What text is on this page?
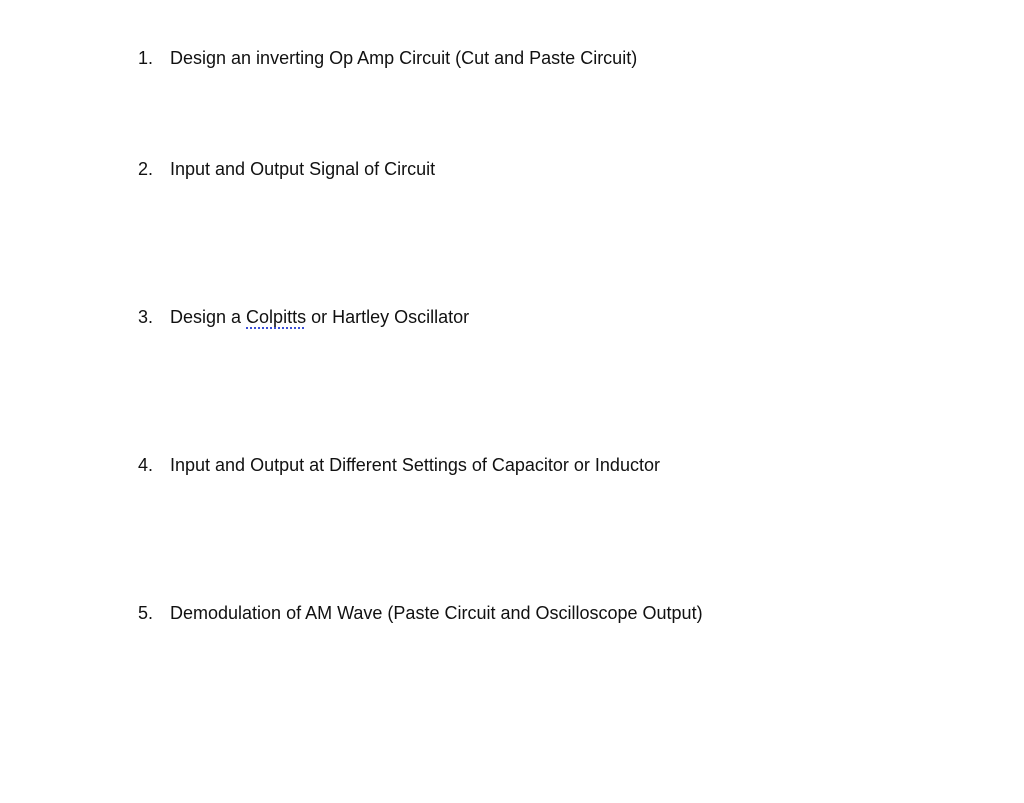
1. Design an inverting Op Amp Circuit (Cut and Paste Circuit)
2. Input and Output Signal of Circuit
3. Design a Colpitts or Hartley Oscillator
4. Input and Output at Different Settings of Capacitor or Inductor
5. Demodulation of AM Wave (Paste Circuit and Oscilloscope Output)
